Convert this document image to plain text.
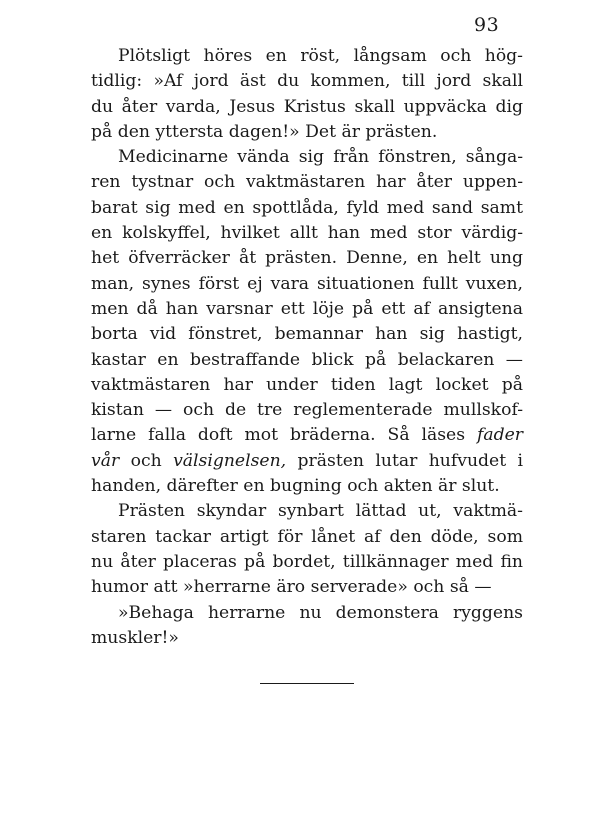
93
Plötsligt höres en röst, långsam och hög-
tidlig: »Af jord äst du kommen, till jord skall
du åter varda, Jesus Kristus skall uppväcka dig
på den yttersta dagen!» Det är prästen.
Medicinarne vända sig från fönstren, sånga-
ren tystnar och vaktmästaren har åter uppen-
barat sig med en spottlåda, fyld med sand samt
en kolskyffel, hvilket allt han med stor värdig-
het öfverräcker åt prästen. Denne, en helt ung
man, synes först ej vara situationen fullt vuxen,
men då han varsnar ett löje på ett af ansigtena
borta vid fönstret, bemannar han sig hastigt,
kastar en bestraffande blick på belackaren —
vaktmästaren har under tiden lagt locket på
kistan — och de tre reglementerade mullskof-
larne falla doft mot bräderna. Så läses fader
vår och välsignelsen, prästen lutar hufvudet i
handen, därefter en bugning och akten är slut.
Prästen skyndar synbart lättad ut, vaktmä-
staren tackar artigt för lånet af den döde, som
nu åter placeras på bordet, tillkännager med fin
humor att »herrarne äro serverade» och så —
»Behaga herrarne nu demonstera ryggens
muskler!»
